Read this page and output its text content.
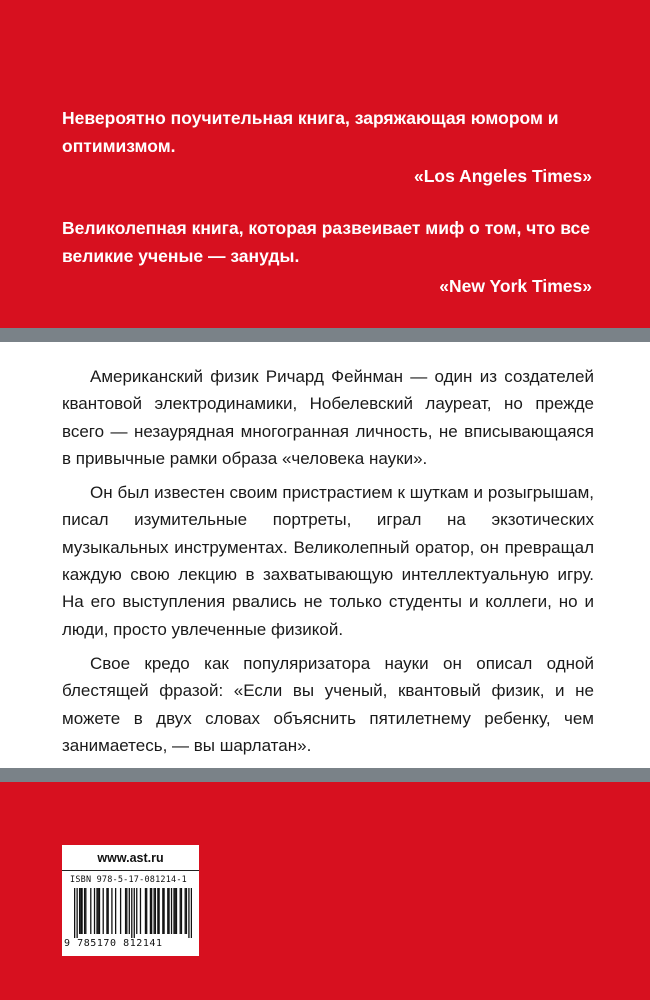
Невероятно поучительная книга, заряжающая юмором и оптимизмом.

«Los Angeles Times»

Великолепная книга, которая развеивает миф о том, что все великие ученые — зануды.

«New York Times»

Американский физик Ричард Фейнман — один из создателей квантовой электродинамики, Нобелевский лауреат, но прежде всего — незаурядная многогранная личность, не вписывающаяся в привычные рамки образа «человека науки».

Он был известен своим пристрастием к шуткам и розыгрышам, писал изумительные портреты, играл на экзотических музыкальных инструментах. Великолепный оратор, он превращал каждую свою лекцию в захватывающую интеллектуальную игру. На его выступления рвались не только студенты и коллеги, но и люди, просто увлеченные физикой.

Свое кредо как популяризатора науки он описал одной блестящей фразой: «Если вы ученый, квантовый физик, и не можете в двух словах объяснить пятилетнему ребенку, чем занимаетесь, — вы шарлатан».

www.ast.ru
ISBN 978-5-17-081214-1
9 785170 812141
